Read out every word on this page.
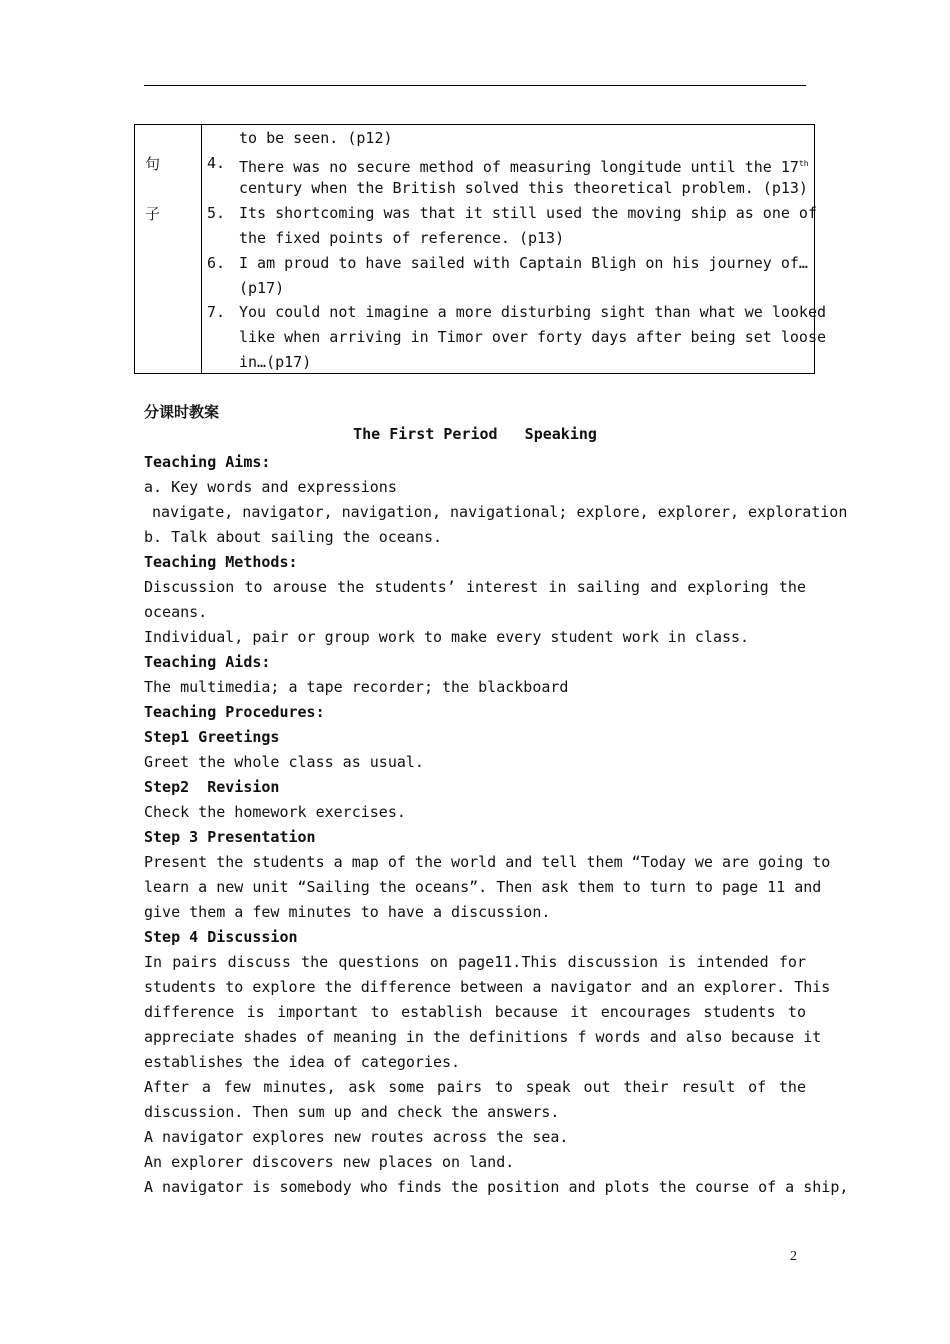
句
子
to be seen. (p12)
4. There was no secure method of measuring longitude until the 17th
century when the British solved this theoretical problem. (p13)
5. Its shortcoming was that it still used the moving ship as one of
the fixed points of reference. (p13)
6. I am proud to have sailed with Captain Bligh on his journey of…
(p17)
7. You could not imagine a more disturbing sight than what we looked
like when arriving in Timor over forty days after being set loose
in…(p17)
分课时教案
The First Period   Speaking
Teaching Aims:
a. Key words and expressions
navigate, navigator, navigation, navigational; explore, explorer, exploration
b. Talk about sailing the oceans.
Teaching Methods:
Discussion to arouse the students’ interest in sailing and exploring the
oceans.
Individual, pair or group work to make every student work in class.
Teaching Aids:
The multimedia; a tape recorder; the blackboard
Teaching Procedures:
Step1 Greetings
Greet the whole class as usual.
Step2  Revision
Check the homework exercises.
Step 3 Presentation
Present the students a map of the world and tell them “Today we are going to
learn a new unit “Sailing the oceans”. Then ask them to turn to page 11 and
give them a few minutes to have a discussion.
Step 4 Discussion
In pairs discuss the questions on page11.This discussion is intended for
students to explore the difference between a navigator and an explorer. This
difference is important to establish because it encourages students to
appreciate shades of meaning in the definitions f words and also because it
establishes the idea of categories.
After a few minutes, ask some pairs to speak out their result of the
discussion. Then sum up and check the answers.
A navigator explores new routes across the sea.
An explorer discovers new places on land.
A navigator is somebody who finds the position and plots the course of a ship,
2
